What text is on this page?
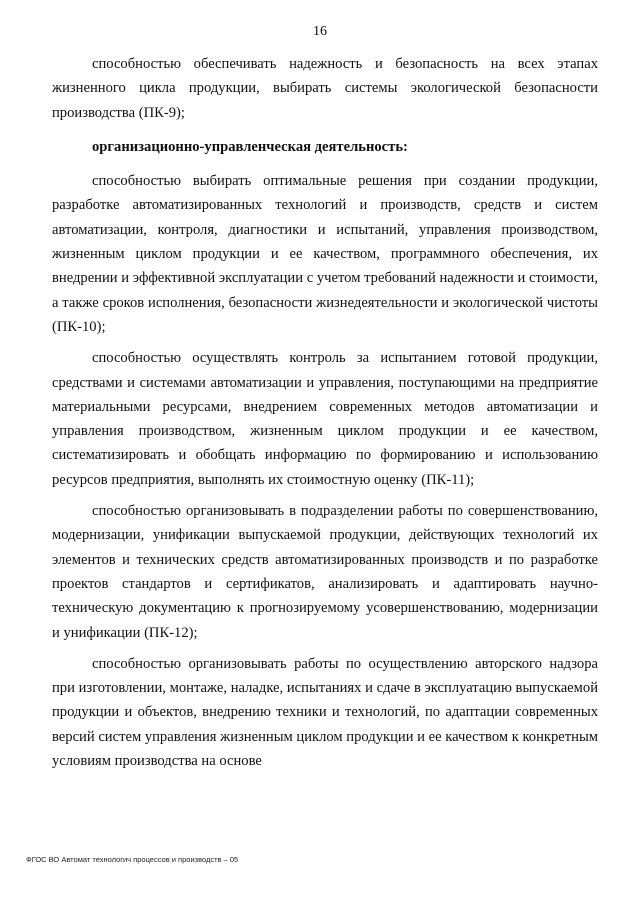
16

способностью обеспечивать надежность и безопасность на всех этапах жизненного цикла продукции, выбирать системы экологической безопасности производства (ПК-9);

организационно-управленческая деятельность:

способностью выбирать оптимальные решения при создании продукции, разработке автоматизированных технологий и производств, средств и систем автоматизации, контроля, диагностики и испытаний, управления производством, жизненным циклом продукции и ее качеством, программного обеспечения, их внедрении и эффективной эксплуатации с учетом требований надежности и стоимости, а также сроков исполнения, безопасности жизнедеятельности и экологической чистоты (ПК-10);

способностью осуществлять контроль за испытанием готовой продукции, средствами и системами автоматизации и управления, поступающими на предприятие материальными ресурсами, внедрением современных методов автоматизации и управления производством, жизненным циклом продукции и ее качеством, систематизировать и обобщать информацию по формированию и использованию ресурсов предприятия, выполнять их стоимостную оценку (ПК-11);

способностью организовывать в подразделении работы по совершенствованию, модернизации, унификации выпускаемой продукции, действующих технологий их элементов и технических средств автоматизированных производств и по разработке проектов стандартов и сертификатов, анализировать и адаптировать научно-техническую документацию к прогнозируемому усовершенствованию, модернизации и унификации (ПК-12);

способностью организовывать работы по осуществлению авторского надзора при изготовлении, монтаже, наладке, испытаниях и сдаче в эксплуатацию выпускаемой продукции и объектов, внедрению техники и технологий, по адаптации современных версий систем управления жизненным циклом продукции и ее качеством к конкретным условиям производства на основе

ФГОС ВО Автомат технологич процессов и производств – 05
